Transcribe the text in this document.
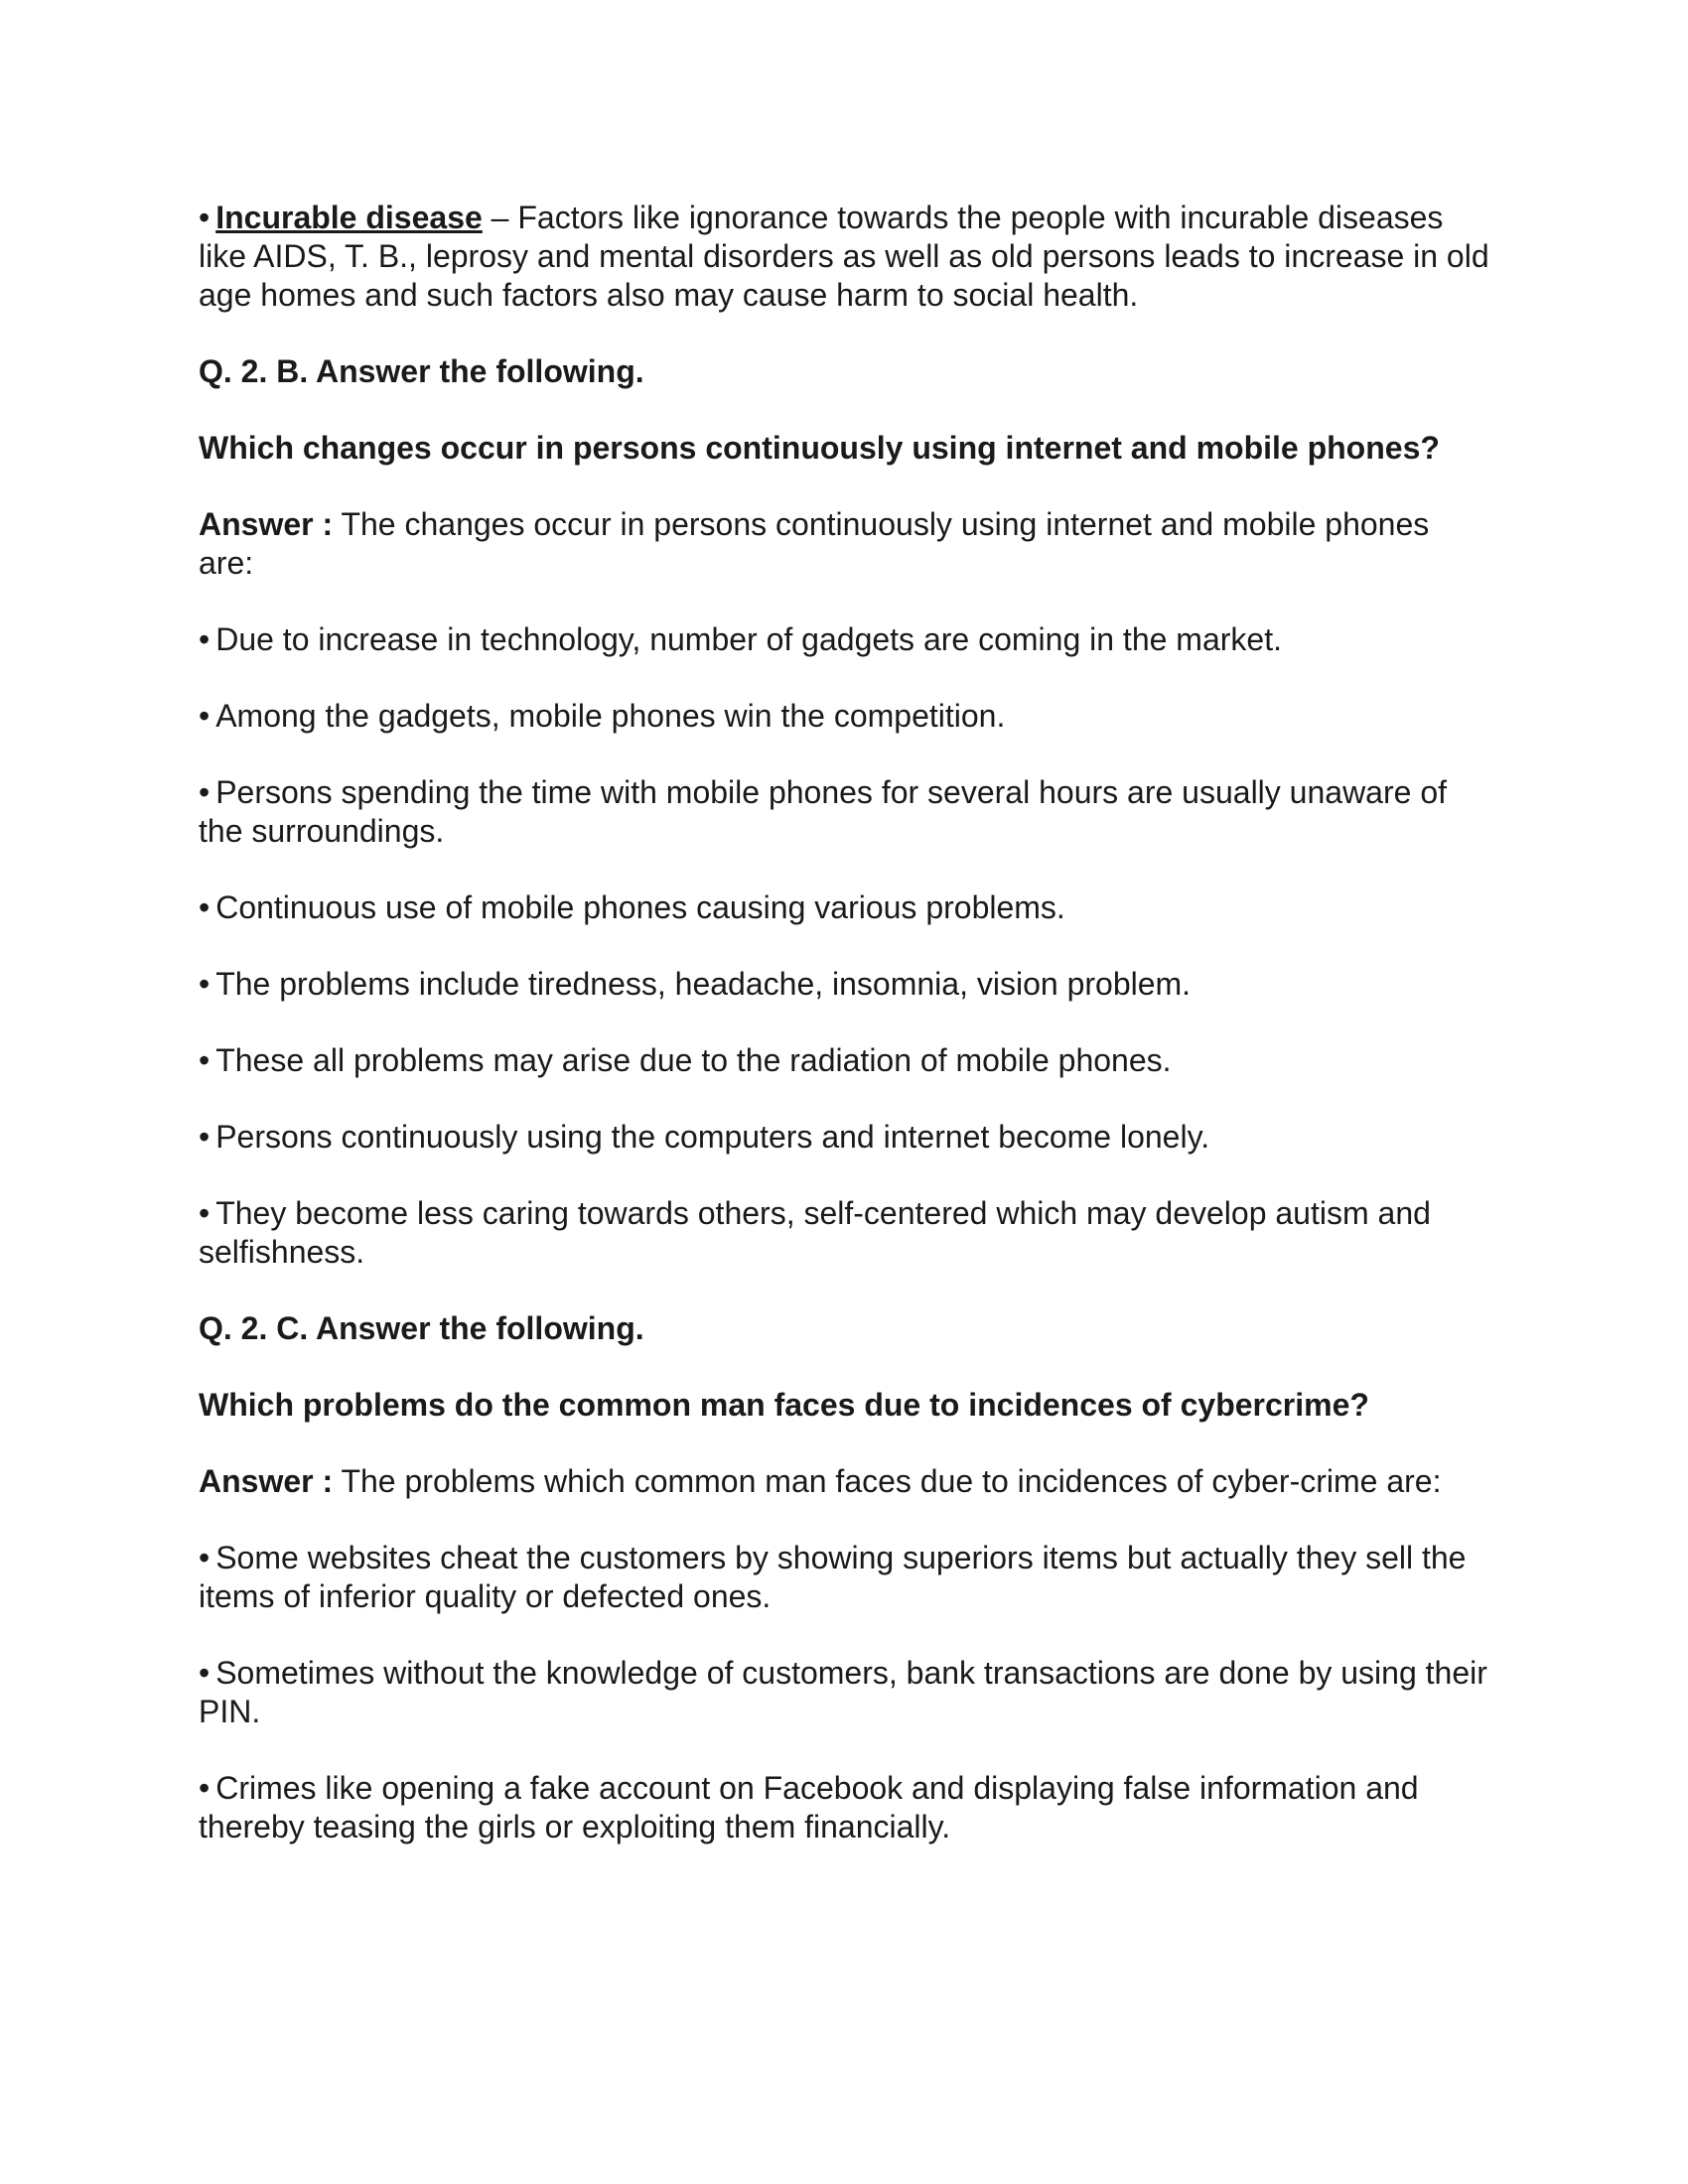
• Incurable disease – Factors like ignorance towards the people with incurable diseases like AIDS, T. B., leprosy and mental disorders as well as old persons leads to increase in old age homes and such factors also may cause harm to social health.

Q. 2. B. Answer the following.

Which changes occur in persons continuously using internet and mobile phones?

Answer : The changes occur in persons continuously using internet and mobile phones are:

• Due to increase in technology, number of gadgets are coming in the market.

• Among the gadgets, mobile phones win the competition.

• Persons spending the time with mobile phones for several hours are usually unaware of the surroundings.

• Continuous use of mobile phones causing various problems.

• The problems include tiredness, headache, insomnia, vision problem.

• These all problems may arise due to the radiation of mobile phones.

• Persons continuously using the computers and internet become lonely.

• They become less caring towards others, self-centered which may develop autism and selfishness.

Q. 2. C. Answer the following.

Which problems do the common man faces due to incidences of cybercrime?

Answer : The problems which common man faces due to incidences of cyber-crime are:

• Some websites cheat the customers by showing superiors items but actually they sell the items of inferior quality or defected ones.

• Sometimes without the knowledge of customers, bank transactions are done by using their PIN.

• Crimes like opening a fake account on Facebook and displaying false information and thereby teasing the girls or exploiting them financially.
